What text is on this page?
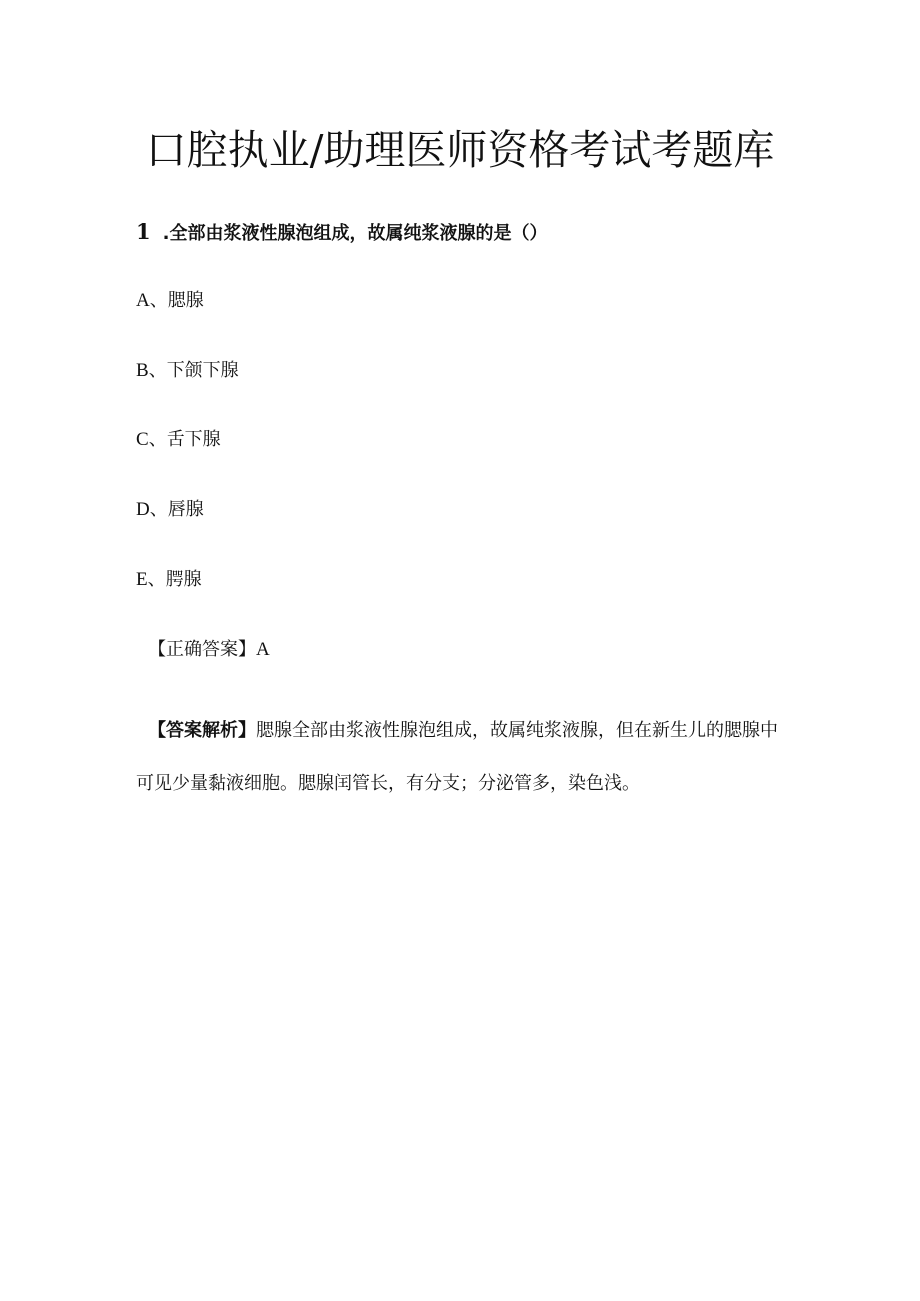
口腔执业/助理医师资格考试考题库
1 .全部由浆液性腺泡组成，故属纯浆液腺的是（）
A、腮腺
B、下颌下腺
C、舌下腺
D、唇腺
E、腭腺
【正确答案】A
【答案解析】腮腺全部由浆液性腺泡组成，故属纯浆液腺，但在新生儿的腮腺中可见少量黏液细胞。腮腺闰管长，有分支；分泌管多，染色浅。
